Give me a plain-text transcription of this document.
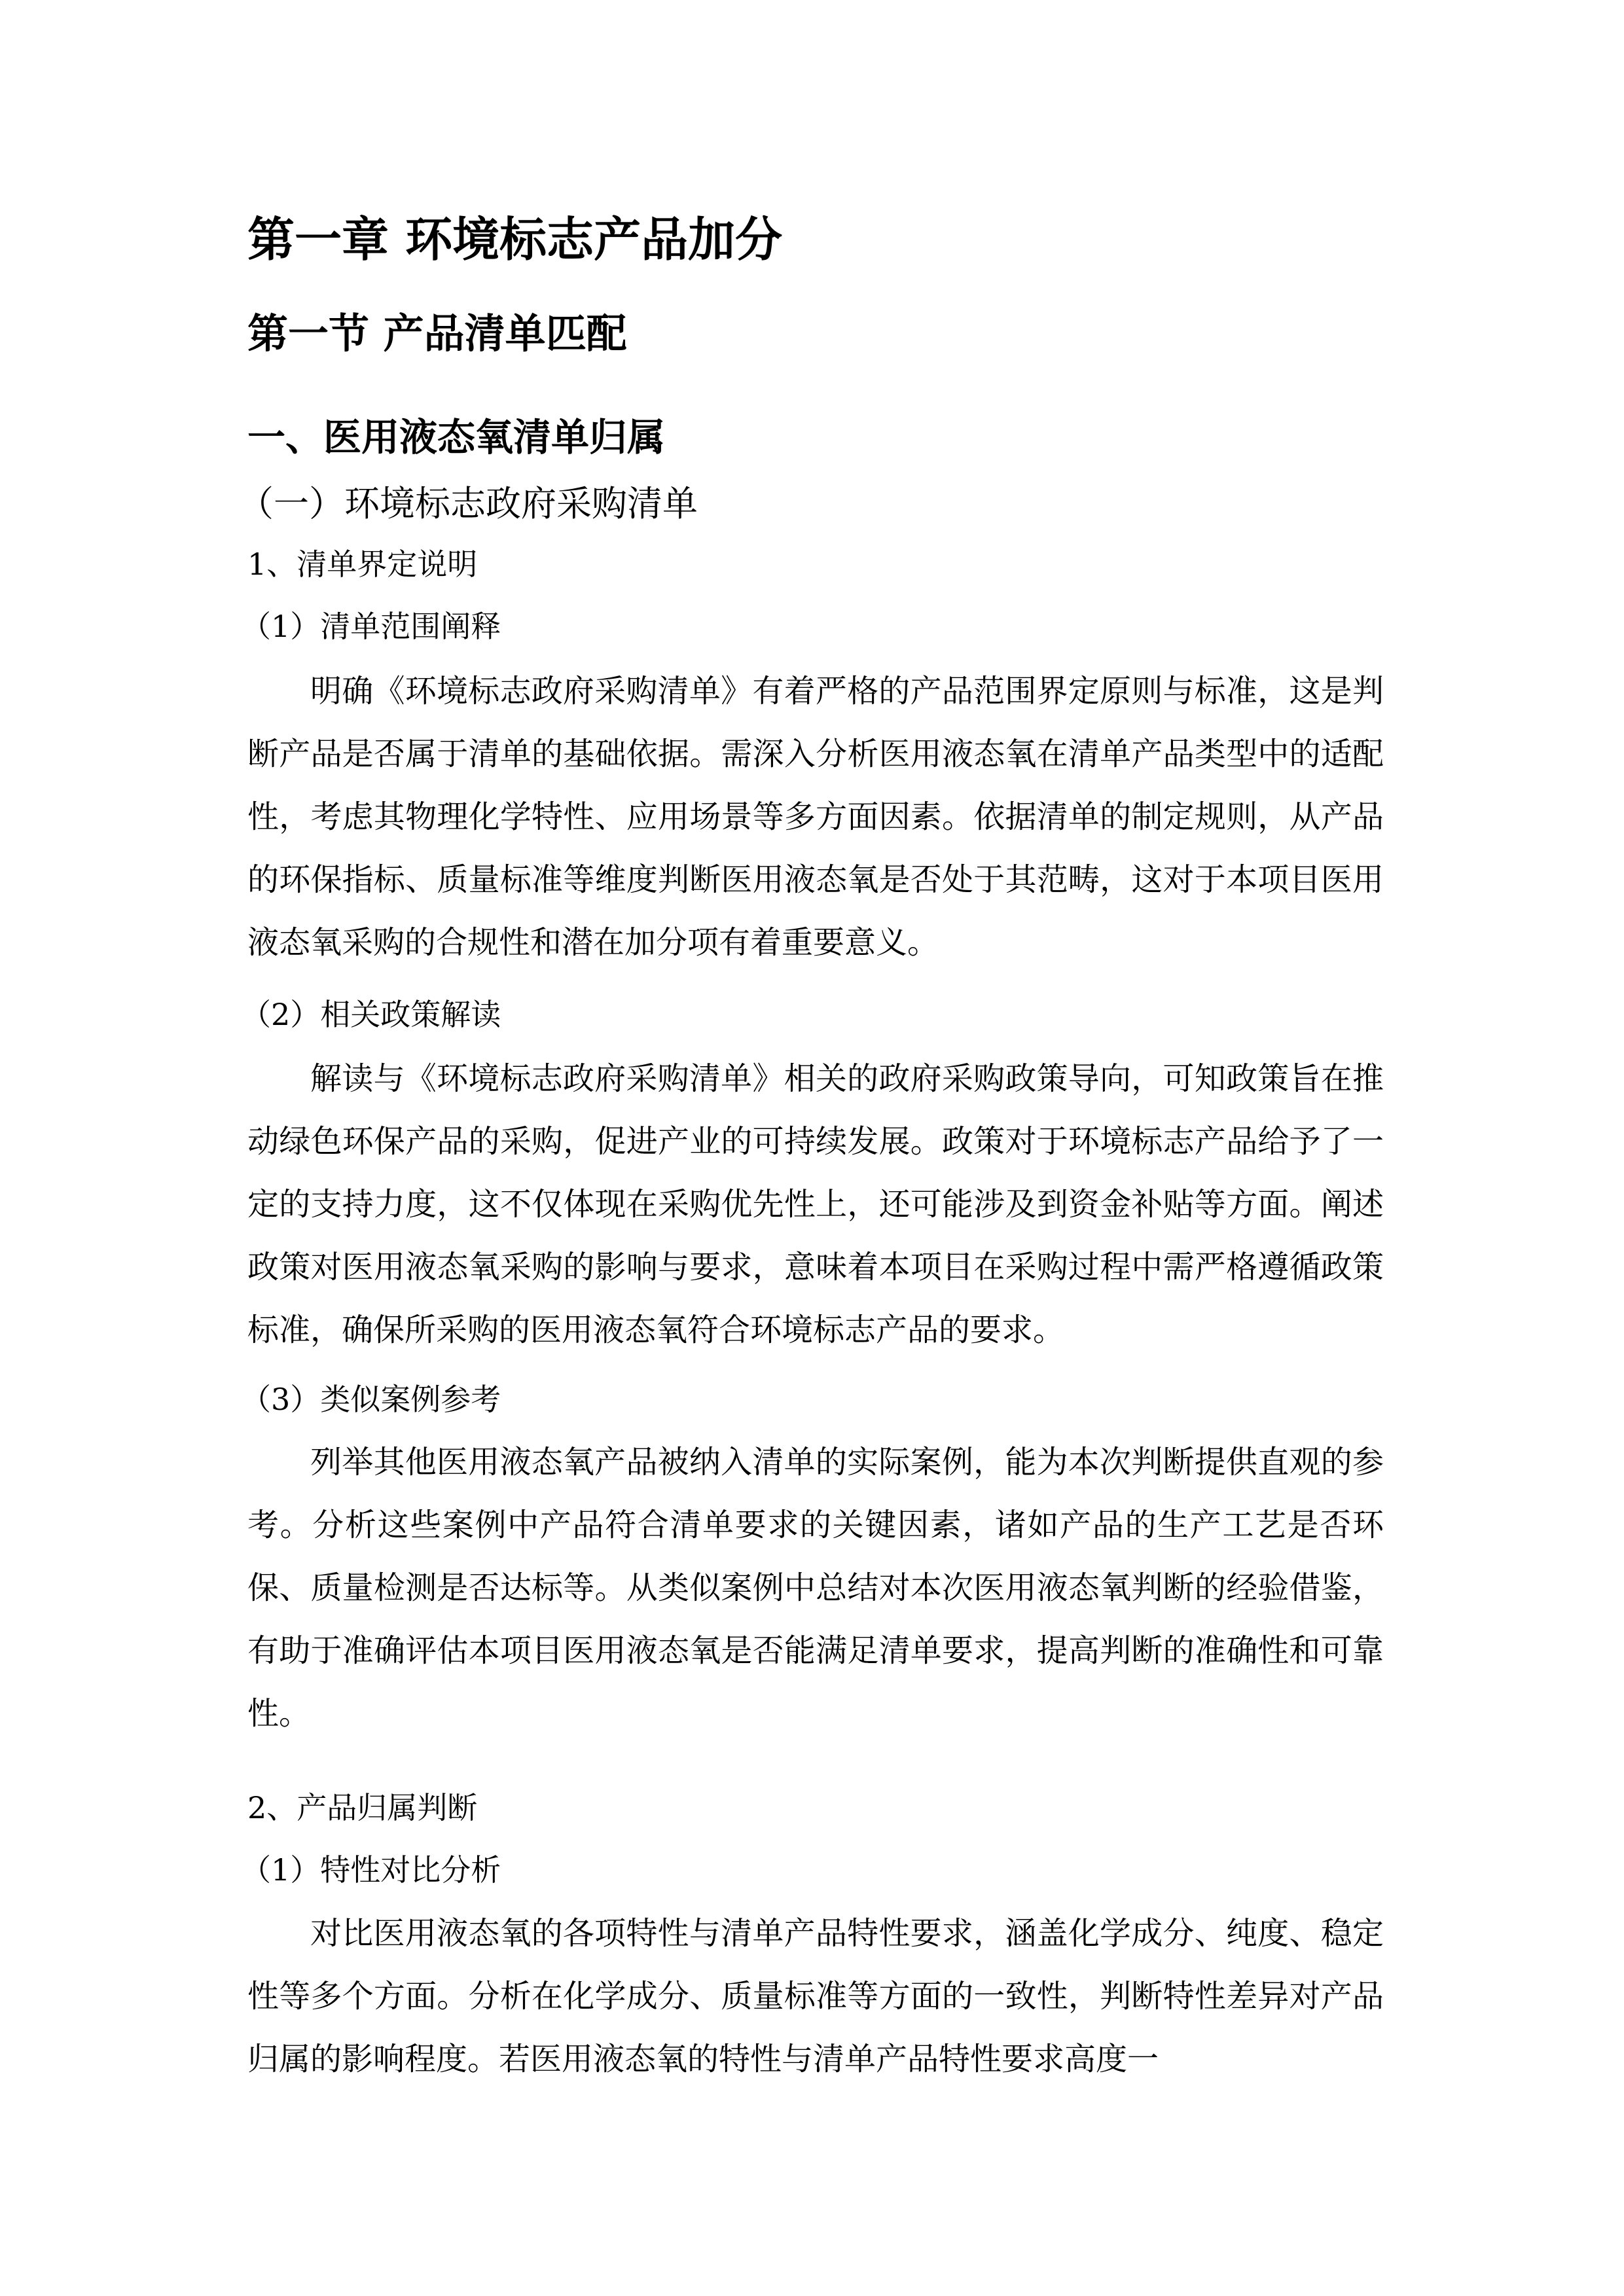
第一章 环境标志产品加分
第一节 产品清单匹配
一、医用液态氧清单归属
（一）环境标志政府采购清单
1、清单界定说明
（1）清单范围阐释

明确《环境标志政府采购清单》有着严格的产品范围界定原则与标准，这是判断产品是否属于清单的基础依据。需深入分析医用液态氧在清单产品类型中的适配性，考虑其物理化学特性、应用场景等多方面因素。依据清单的制定规则，从产品的环保指标、质量标准等维度判断医用液态氧是否处于其范畴，这对于本项目医用液态氧采购的合规性和潜在加分项有着重要意义。

（2）相关政策解读

解读与《环境标志政府采购清单》相关的政府采购政策导向，可知政策旨在推动绿色环保产品的采购，促进产业的可持续发展。政策对于环境标志产品给予了一定的支持力度，这不仅体现在采购优先性上，还可能涉及到资金补贴等方面。阐述政策对医用液态氧采购的影响与要求，意味着本项目在采购过程中需严格遵循政策标准，确保所采购的医用液态氧符合环境标志产品的要求。

（3）类似案例参考

列举其他医用液态氧产品被纳入清单的实际案例，能为本次判断提供直观的参考。分析这些案例中产品符合清单要求的关键因素，诸如产品的生产工艺是否环保、质量检测是否达标等。从类似案例中总结对本次医用液态氧判断的经验借鉴，有助于准确评估本项目医用液态氧是否能满足清单要求，提高判断的准确性和可靠性。

2、产品归属判断
（1）特性对比分析

对比医用液态氧的各项特性与清单产品特性要求，涵盖化学成分、纯度、稳定性等多个方面。分析在化学成分、质量标准等方面的一致性，判断特性差异对产品归属的影响程度。若医用液态氧的特性与清单产品特性要求高度一
